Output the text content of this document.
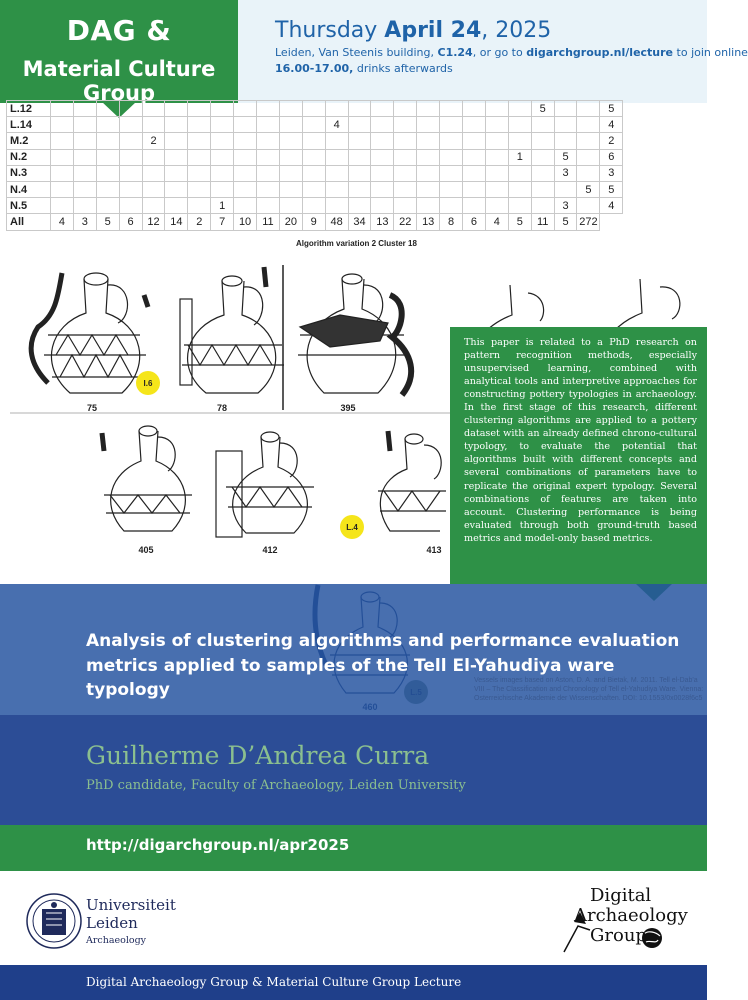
DAG &
Material Culture Group
Thursday April 24, 2025
Leiden, Van Steenis building, C1.24, or go to digarchgroup.nl/lecture to join online
16.00-17.00, drinks afterwards
L.12																						5			5
L.14													4												4
M.2					2																				2
N.2																					1		5		6
N.3																							3		3
N.4																								5	5
N.5								1															3		4
All	4	3	5	6	12	14	2	7	10	11	20	9	48	34	13	22	13	8	6	4	5	11	5	272	
Algorithm variation 2 Cluster 18
75	78	395
405	412	413
I.6
L.4
This paper is related to a PhD research on pattern recognition methods, especially unsupervised learning, combined with analytical tools and interpretive approaches for constructing pottery typologies in archaeology. In the first stage of this research, different clustering algorithms are applied to a pottery dataset with an already defined chrono-cultural typology, to evaluate the potential that algorithms built with different concepts and several combinations of parameters have to replicate the original expert typology. Several combinations of features are taken into account. Clustering performance is being evaluated through both ground-truth based metrics and model-only based metrics.
Analysis of clustering algorithms and performance evaluation metrics applied to samples of the Tell El-Yahudiya ware typology	Vessels images based on Aston, D. A. and Bietak, M. 2011. Tell el-Dab'a VIII – The Classification and Chronology of Tell el-Yahudiya Ware. Vienna: Osterreichische Akademie der Wissenschaften. DOI: 10.1553/0x0028f6c5
Guilherme D’Andrea Curra
PhD candidate, Faculty of Archaeology, Leiden University
http://digarchgroup.nl/apr2025
Universiteit
Leiden
Archaeology
Digital
Archaeology
Group
Digital Archaeology Group & Material Culture Group Lecture
